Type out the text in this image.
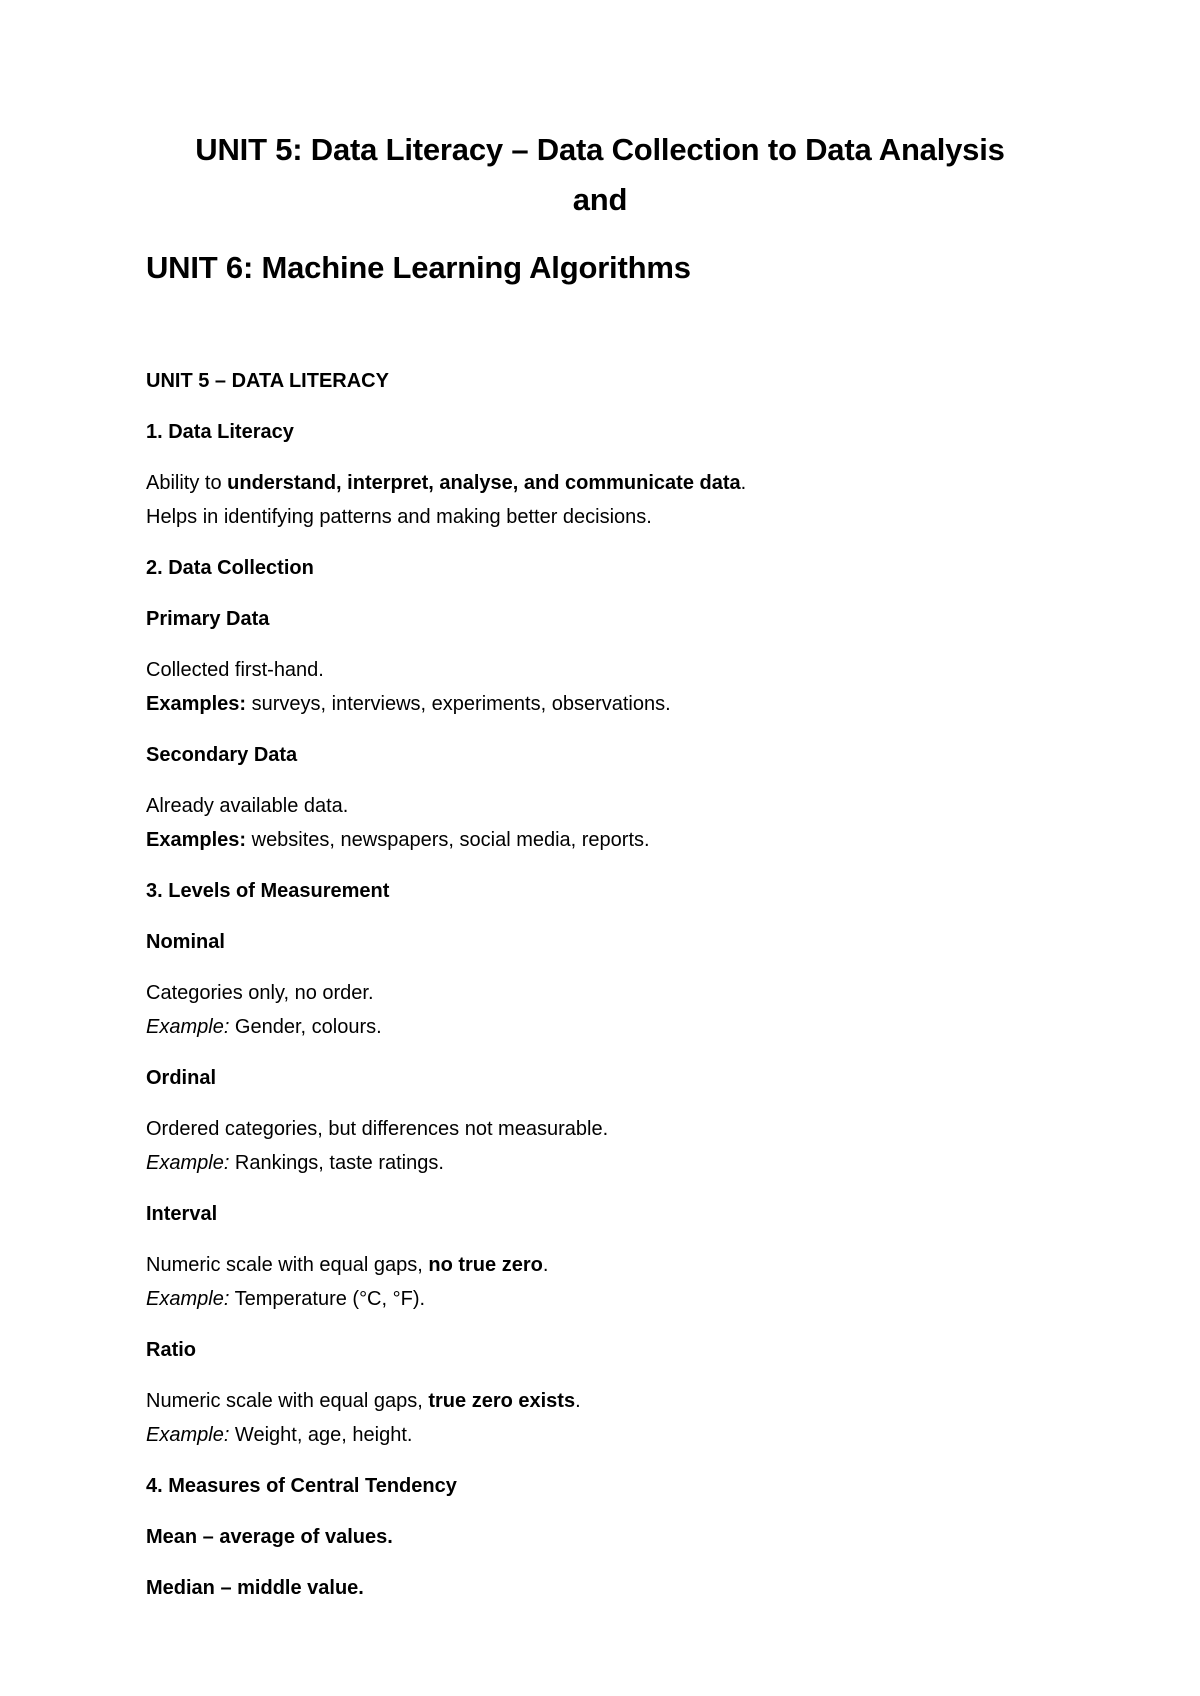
UNIT 5: Data Literacy – Data Collection to Data Analysis
and
UNIT 6: Machine Learning Algorithms
UNIT 5 – DATA LITERACY
1. Data Literacy
Ability to understand, interpret, analyse, and communicate data.
Helps in identifying patterns and making better decisions.
2. Data Collection
Primary Data
Collected first-hand.
Examples: surveys, interviews, experiments, observations.
Secondary Data
Already available data.
Examples: websites, newspapers, social media, reports.
3. Levels of Measurement
Nominal
Categories only, no order.
Example: Gender, colours.
Ordinal
Ordered categories, but differences not measurable.
Example: Rankings, taste ratings.
Interval
Numeric scale with equal gaps, no true zero.
Example: Temperature (°C, °F).
Ratio
Numeric scale with equal gaps, true zero exists.
Example: Weight, age, height.
4. Measures of Central Tendency
Mean – average of values.
Median – middle value.
